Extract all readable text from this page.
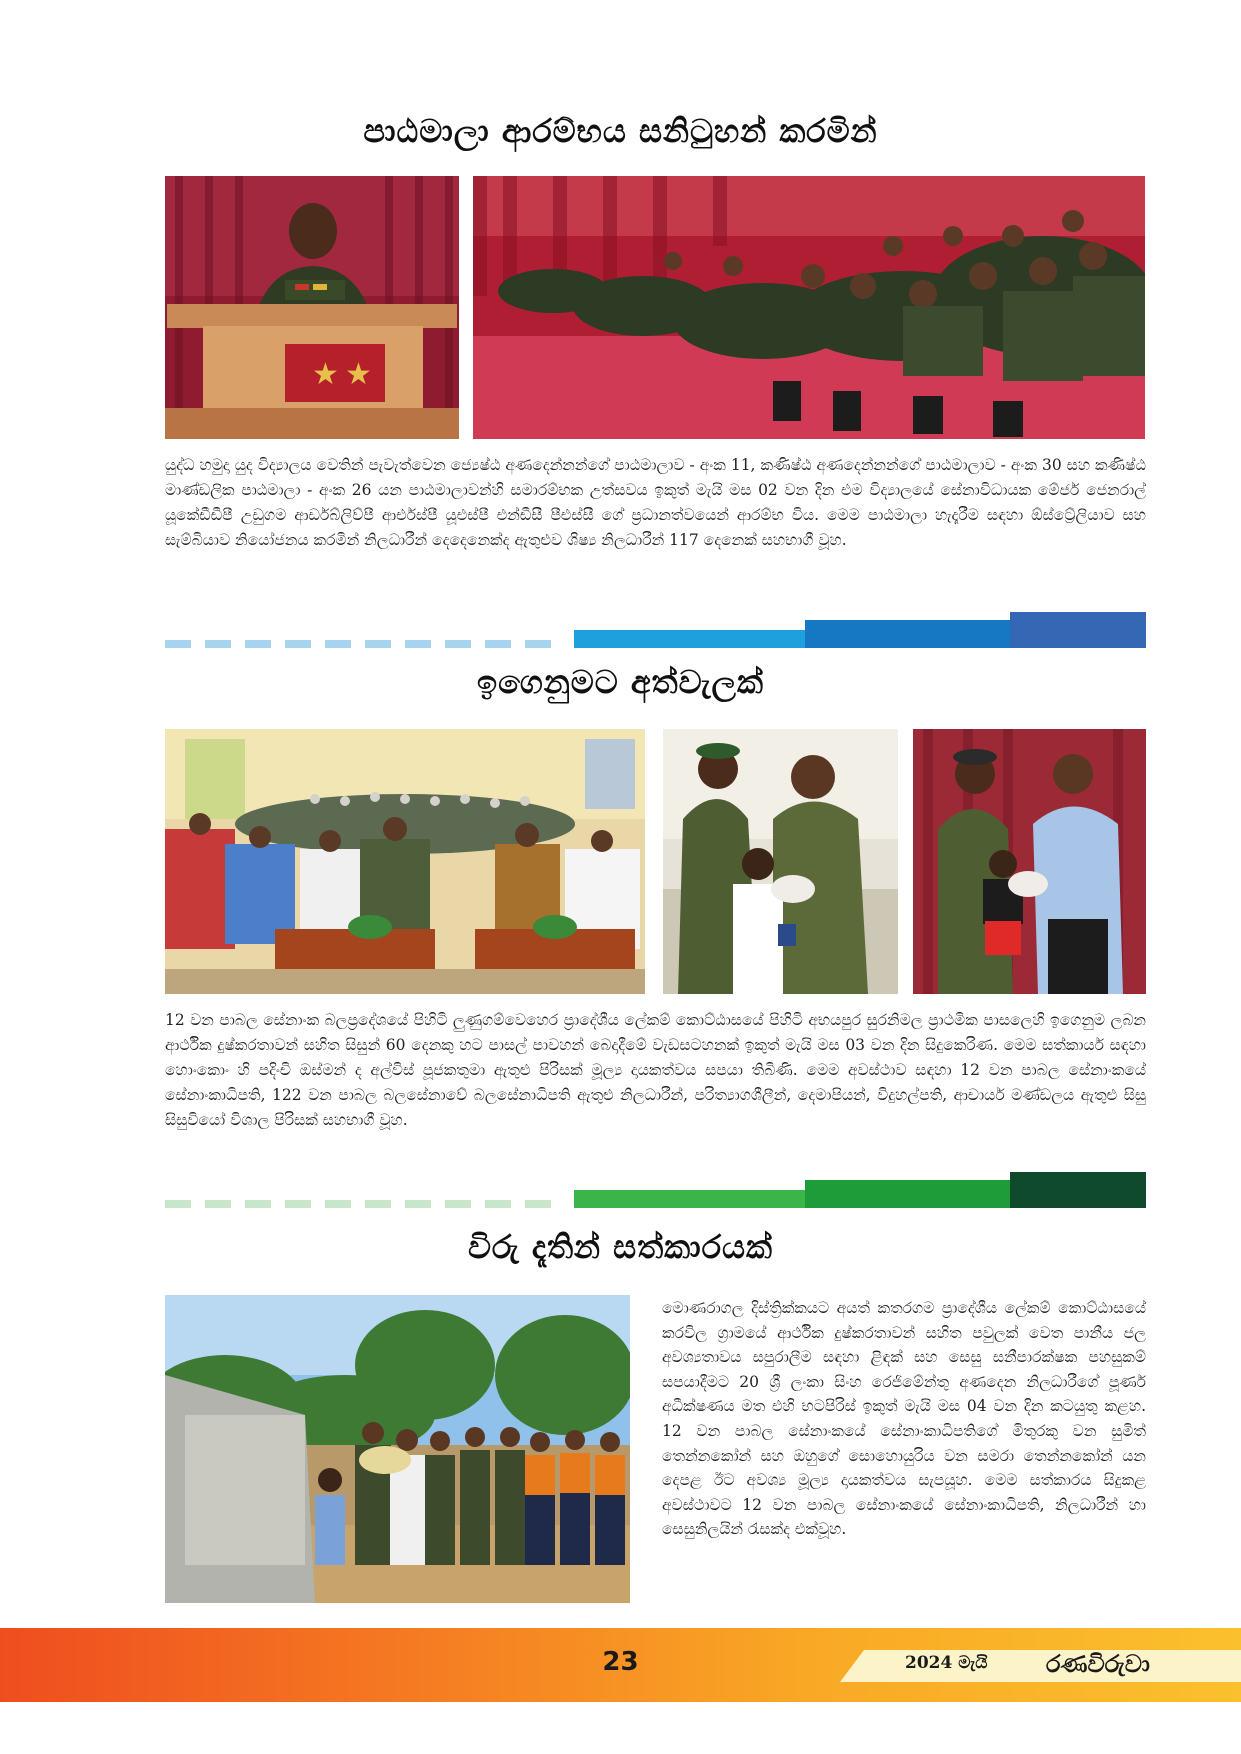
පාඨමාලා ආරම්භය සනිටුහන් කරමින්
★ ★
යුද්ධ හමුදා යුද විද්‍යාලය වෙතින් පැවැත්වෙන ජ්‍යෙෂ්ඨ අණදෙන්නන්ගේ පාඨමාලාව - අංක 11, කණිෂ්ඨ අණදෙන්නන්ගේ පාඨමාලාව - අංක 30 සහ කණිෂ්ඨ මාණ්ඩලික පාඨමාලා - අංක 26 යන පාඨමාලාවන්හි සමාරම්භක උත්සවය ඉකුත් මැයි මස 02 වන දින එම විද්‍යාලයේ සේනාවිධායක මේජර් ජෙනරාල් යූකේඩීඩීපී උඩුගම ආර්ඩබ්ලිව්පී ආර්එස්පී යූඑස්පී එන්ඩීසී පීඑස්සී ගේ ප්‍රධානත්වයෙන් ආරම්භ විය. මෙම පාඨමාලා හැදෑරීම සඳහා ඕස්ට්‍රේලියාව සහ සැම්බියාව නියෝජනය කරමින් නිලධාරීන් දෙදෙනෙක්ද ඇතුළුව ශිෂ්‍ය නිලධාරීන් 117 දෙනෙක් සහභාගී වූහ.
ඉගෙනුමට අත්වැලක්
12 වන පාබල සේනාංක බලප්‍රදේශයේ පිහිටි ලුණුගම්වෙහෙර ප්‍රාදේශීය ලේකම් කොට්ඨාසයේ පිහිටි අභයපුර සුරනිමල ප්‍රාථමික පාසලෙහි ඉගෙනුම ලබන ආර්ථික දුෂ්කරතාවන් සහිත සිසුන් 60 දෙනකු හට පාසල් පාවහන් බෙදාදීමේ වැඩසටහනක් ඉකුත් මැයි මස 03 වන දින සිදුකෙරිණ. මෙම සත්කාර්ය සඳහා හොංකොං හි පදිංචි ඔස්මන් ද අල්විස් පූජකතුමා ඇතුළු පිරිසක් මූල්‍ය දායකත්වය සපයා තිබිණි. මෙම අවස්ථාව සඳහා 12 වන පාබල සේනාංකයේ සේනාංකාධිපති, 122 වන පාබල බලසේනාවේ බලසේනාධිපති ඇතුළු නිලධාරීන්, පරිත්‍යාගශීලීන්, දෙමාපියන්, විදුහල්පති, ආචාර්ය මණ්ඩලය ඇතුළු සිසු සිසුවියෝ විශාල පිරිසක් සහභාගී වූහ.
විරු දෑතින් සත්කාරයක්
මොණරාගල දිස්ත්‍රික්කයට අයත් කතරගම ප්‍රාදේශීය ලේකම් කොට්ඨාසයේ කරවිල ග්‍රාමයේ ආර්ථික දුෂ්කරතාවන් සහිත පවුලක් වෙත පානීය ජල අවශ්‍යතාවය සපුරාලීම සඳහා ළිඳක් සහ සෙසු සනීපාරක්ෂක පහසුකම් සපයාදීමට 20 ශ්‍රී ලංකා සිංහ රෙජිමේන්තු අණදෙන නිලධාරීගේ පූර්ණ අධීක්ෂණය මත එහි භටපිරිස් ඉකුත් මැයි මස 04 වන දින කටයුතු කළහ. 12 වන පාබල සේනාංකයේ සේනාංකාධිපතිගේ මිතුරකු වන සුමිත් තෙන්නකෝන් සහ ඔහුගේ සොහොයුරිය වන සමරා තෙන්නකෝන් යන දෙපළ ඊට අවශ්‍ය මූල්‍ය දායකත්වය සැපයූහ. මෙම සත්කාරය සිදුකළ අවස්ථාවට 12 වන පාබල සේනාංකයේ සේනාංකාධිපති, නිලධාරීන් හා සෙසුනිලයින් රැසක්ද එක්වූහ.
23	2024 මැයි රණවිරුවා
